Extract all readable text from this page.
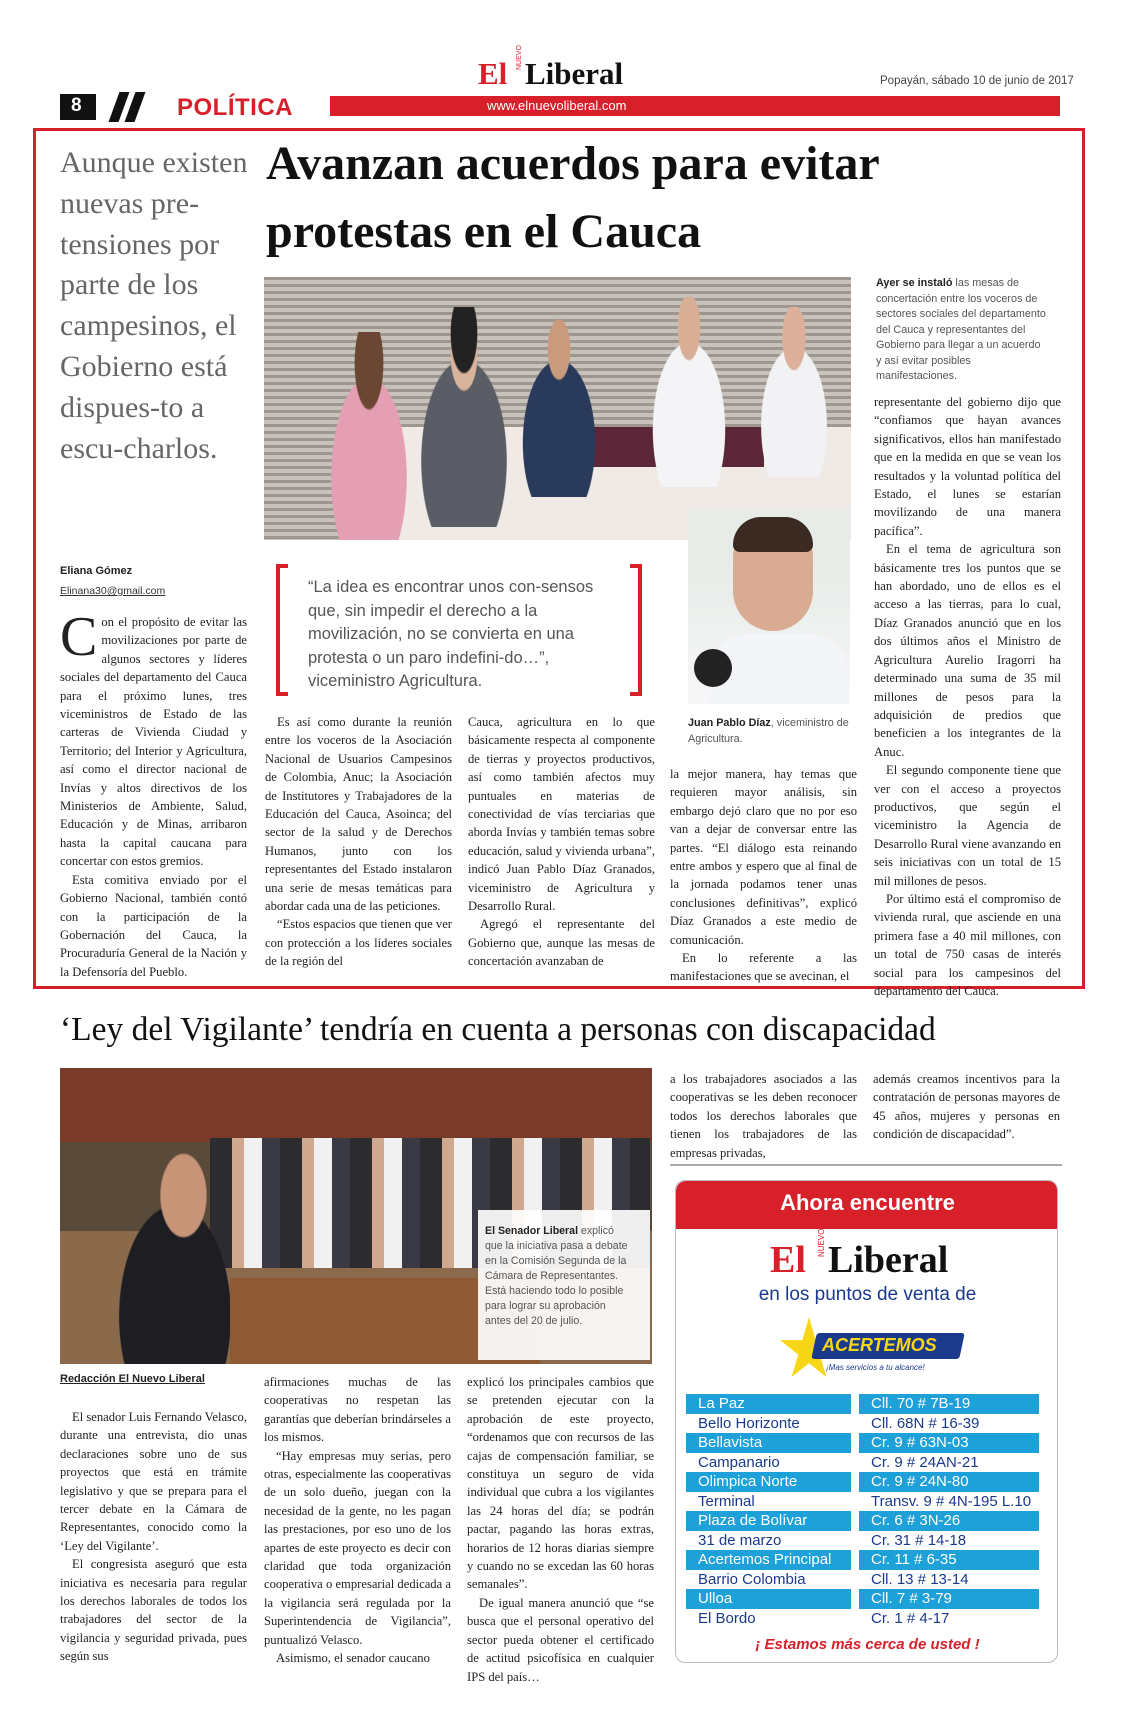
El NUEVO Liberal	Popayán, sábado 10 de junio de 2017
8	POLÍTICA	www.elnuevoliberal.com
Aunque existen nuevas pre-tensiones por parte de los campesinos, el Gobierno está dispues-to a escu-charlos.
Avanzan acuerdos para evitar
protestas en el Cauca
Ayer se instaló las mesas de concertación entre los voceros de sectores sociales del departamento del Cauca y representantes del Gobierno para llegar a un acuerdo y así evitar posibles manifestaciones.
“La idea es encontrar unos con-sensos que, sin impedir el derecho a la movilización, no se convierta en una protesta o un paro indefini-do…”, viceministro Agricultura.
Juan Pablo Díaz, viceministro de Agricultura.
Eliana Gómez
Elinana30@gmail.com
C on el propósito de evitar las movilizaciones por parte de algunos sectores y líderes sociales del departamento del Cauca para el próximo lunes, tres viceministros de Estado de las carteras de Vivienda Ciudad y Territorio; del Interior y Agricultura, así como el director nacional de Invías y altos directivos de los Ministerios de Ambiente, Salud, Educación y de Minas, arribaron hasta la capital caucana para concertar con estos gremios.

Esta comitiva enviado por el Gobierno Nacional, también contó con la participación de la Gobernación del Cauca, la Procuraduría General de la Nación y la Defensoría del Pueblo.

Es así como durante la reunión entre los voceros de la Asociación Nacional de Usuarios Campesinos de Colombia, Anuc; la Asociación de Institutores y Trabajadores de la Educación del Cauca, Asoinca; del sector de la salud y de Derechos Humanos, junto con los representantes del Estado instalaron una serie de mesas temáticas para abordar cada una de las peticiones.

“Estos espacios que tienen que ver con protección a los líderes sociales de la región del

Cauca, agricultura en lo que básicamente respecta al componente de tierras y proyectos productivos, así como también afectos muy puntuales en materias de conectividad de vías terciarias que aborda Invías y también temas sobre educación, salud y vivienda urbana”, indicó Juan Pablo Díaz Granados, viceministro de Agricultura y Desarrollo Rural.

Agregó el representante del Gobierno que, aunque las mesas de concertación avanzaban de

la mejor manera, hay temas que requieren mayor análisis, sin embargo dejó claro que no por eso van a dejar de conversar entre las partes. “El diálogo esta reinando entre ambos y espero que al final de la jornada podamos tener unas conclusiones definitivas”, explicó Díaz Granados a este medio de comunicación.

En lo referente a las manifestaciones que se avecinan, el

representante del gobierno dijo que “confiamos que hayan avances significativos, ellos han manifestado que en la medida en que se vean los resultados y la voluntad política del Estado, el lunes se estarían movilizando de una manera pacífica”.

En el tema de agricultura son básicamente tres los puntos que se han abordado, uno de ellos es el acceso a las tierras, para lo cual, Díaz Granados anunció que en los dos últimos años el Ministro de Agricultura Aurelio Iragorri ha determinado una suma de 35 mil millones de pesos para la adquisición de predios que beneficien a los integrantes de la Anuc.

El segundo componente tiene que ver con el acceso a proyectos productivos, que según el viceministro la Agencia de Desarrollo Rural viene avanzando en seis iniciativas con un total de 15 mil millones de pesos.

Por último está el compromiso de vivienda rural, que asciende en una primera fase a 40 mil millones, con un total de 750 casas de interés social para los campesinos del departamento del Cauca.

‘Ley del Vigilante’ tendría en cuenta a personas con discapacidad
El Senador Liberal explicó que la iniciativa pasa a debate en la Comisión Segunda de la Cámara de Representantes. Está haciendo todo lo posible para lograr su aprobación antes del 20 de julio.
Redacción El Nuevo Liberal

El senador Luis Fernando Velasco, durante una entrevista, dio unas declaraciones sobre uno de sus proyectos que está en trámite legislativo y que se prepara para el tercer debate en la Cámara de Representantes, conocido como la ‘Ley del Vigilante’.

El congresista aseguró que esta iniciativa es necesaria para regular los derechos laborales de todos los trabajadores del sector de la vigilancia y seguridad privada, pues según sus

afirmaciones muchas de las cooperativas no respetan las garantías que deberían brindárseles a los mismos.

“Hay empresas muy serias, pero otras, especialmente las cooperativas de un solo dueño, juegan con la necesidad de la gente, no les pagan las prestaciones, por eso uno de los apartes de este proyecto es decir con claridad que toda organización cooperativa o empresarial dedicada a la vigilancia será regulada por la Superintendencia de Vigilancia”, puntualizó Velasco.

Asimismo, el senador caucano

explicó los principales cambios que se pretenden ejecutar con la aprobación de este proyecto, “ordenamos que con recursos de las cajas de compensación familiar, se constituya un seguro de vida individual que cubra a los vigilantes las 24 horas del día; se podrán pactar, pagando las horas extras, horarios de 12 horas diarias siempre y cuando no se excedan las 60 horas semanales”.

De igual manera anunció que “se busca que el personal operativo del sector pueda obtener el certificado de actitud psicofísica en cualquier IPS del país…

a los trabajadores asociados a las cooperativas se les deben reconocer todos los derechos laborales que tienen los trabajadores de las empresas privadas,

además creamos incentivos para la contratación de personas mayores de 45 años, mujeres y personas en condición de discapacidad”.

Ahora encuentre
El NUEVO Liberal
en los puntos de venta de
ACERTEMOS
¡Mas servicios a tu alcance!
La Paz	Cll. 70 # 7B-19
Bello Horizonte	Cll. 68N # 16-39
Bellavista	Cr. 9 # 63N-03
Campanario	Cr. 9 # 24AN-21
Olimpica Norte	Cr. 9 # 24N-80
Terminal	Transv. 9 # 4N-195 L.10
Plaza de Bolívar	Cr. 6 # 3N-26
31 de marzo	Cr. 31 # 14-18
Acertemos Principal	Cr. 11 # 6-35
Barrio Colombia	Cll. 13 # 13-14
Ulloa	Cll. 7 # 3-79
El Bordo	Cr. 1 # 4-17
¡ Estamos más cerca de usted !
